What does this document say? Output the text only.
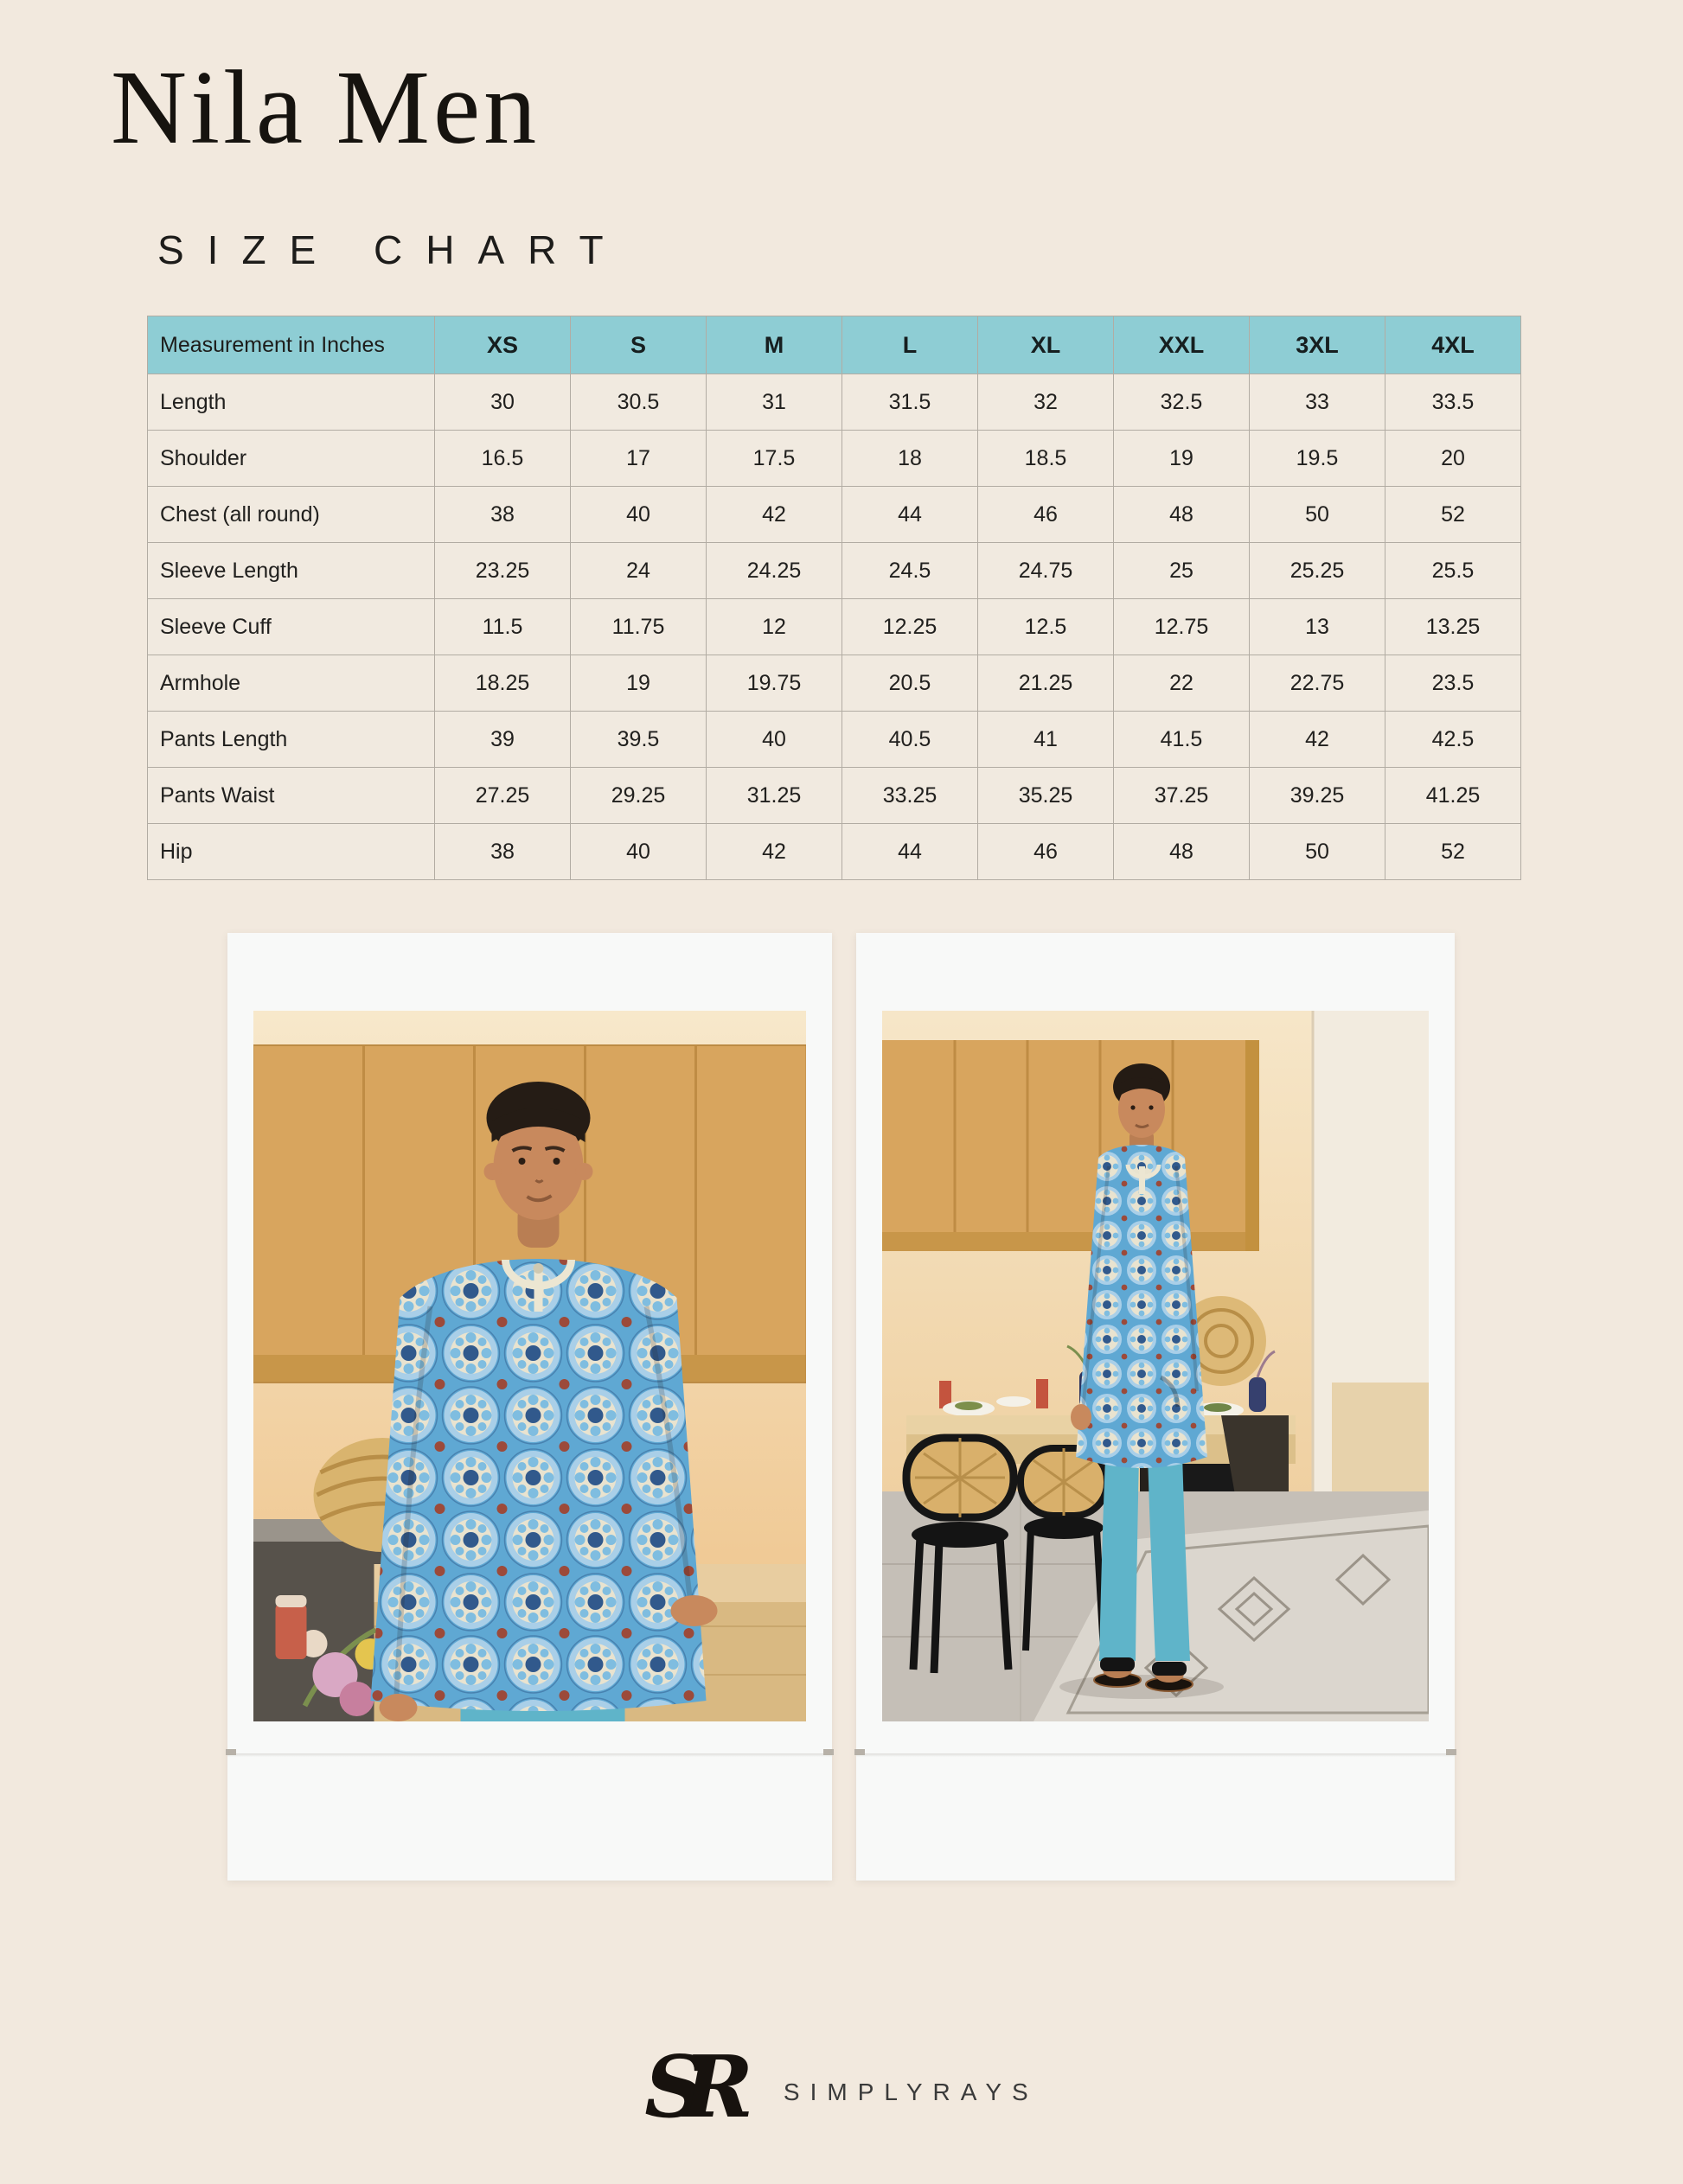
Nila Men
SIZE CHART
Measurement in Inches	XS	S	M	L	XL	XXL	3XL	4XL
Length	30	30.5	31	31.5	32	32.5	33	33.5
Shoulder	16.5	17	17.5	18	18.5	19	19.5	20
Chest (all round)	38	40	42	44	46	48	50	52
Sleeve Length	23.25	24	24.25	24.5	24.75	25	25.25	25.5
Sleeve Cuff	11.5	11.75	12	12.25	12.5	12.75	13	13.25
Armhole	18.25	19	19.75	20.5	21.25	22	22.75	23.5
Pants Length	39	39.5	40	40.5	41	41.5	42	42.5
Pants Waist	27.25	29.25	31.25	33.25	35.25	37.25	39.25	41.25
Hip	38	40	42	44	46	48	50	52
SR	SIMPLYRAYS
